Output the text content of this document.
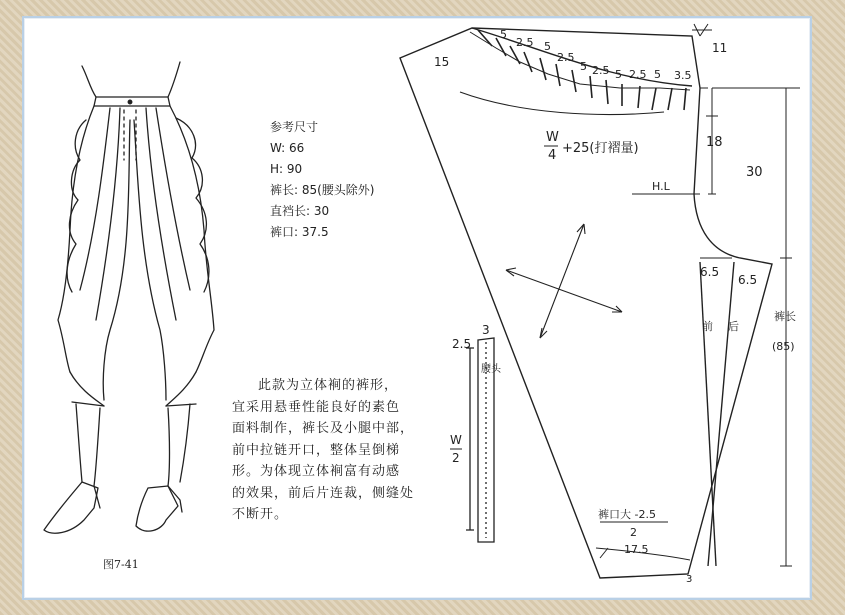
5
2.5 5
2.5
5 2.5 5 2.5 5 3.5
11
15
W
4 +25(打褶量)	18
30
H.L
6.5
6.5
前 后
裤长
(85)
裤口大 -2.5
2
17.5
3
3
2.5
腰头
W
2
参考尺寸
W: 66
H: 90
裤长: 85(腰头除外)
直裆长: 30
裤口: 37.5
此款为立体裥的裤形，
宜采用悬垂性能良好的素色
面料制作，裤长及小腿中部，
前中拉链开口，整体呈倒梯
形。为体现立体裥富有动感
的效果，前后片连裁，侧缝处
不断开。
图7-41
